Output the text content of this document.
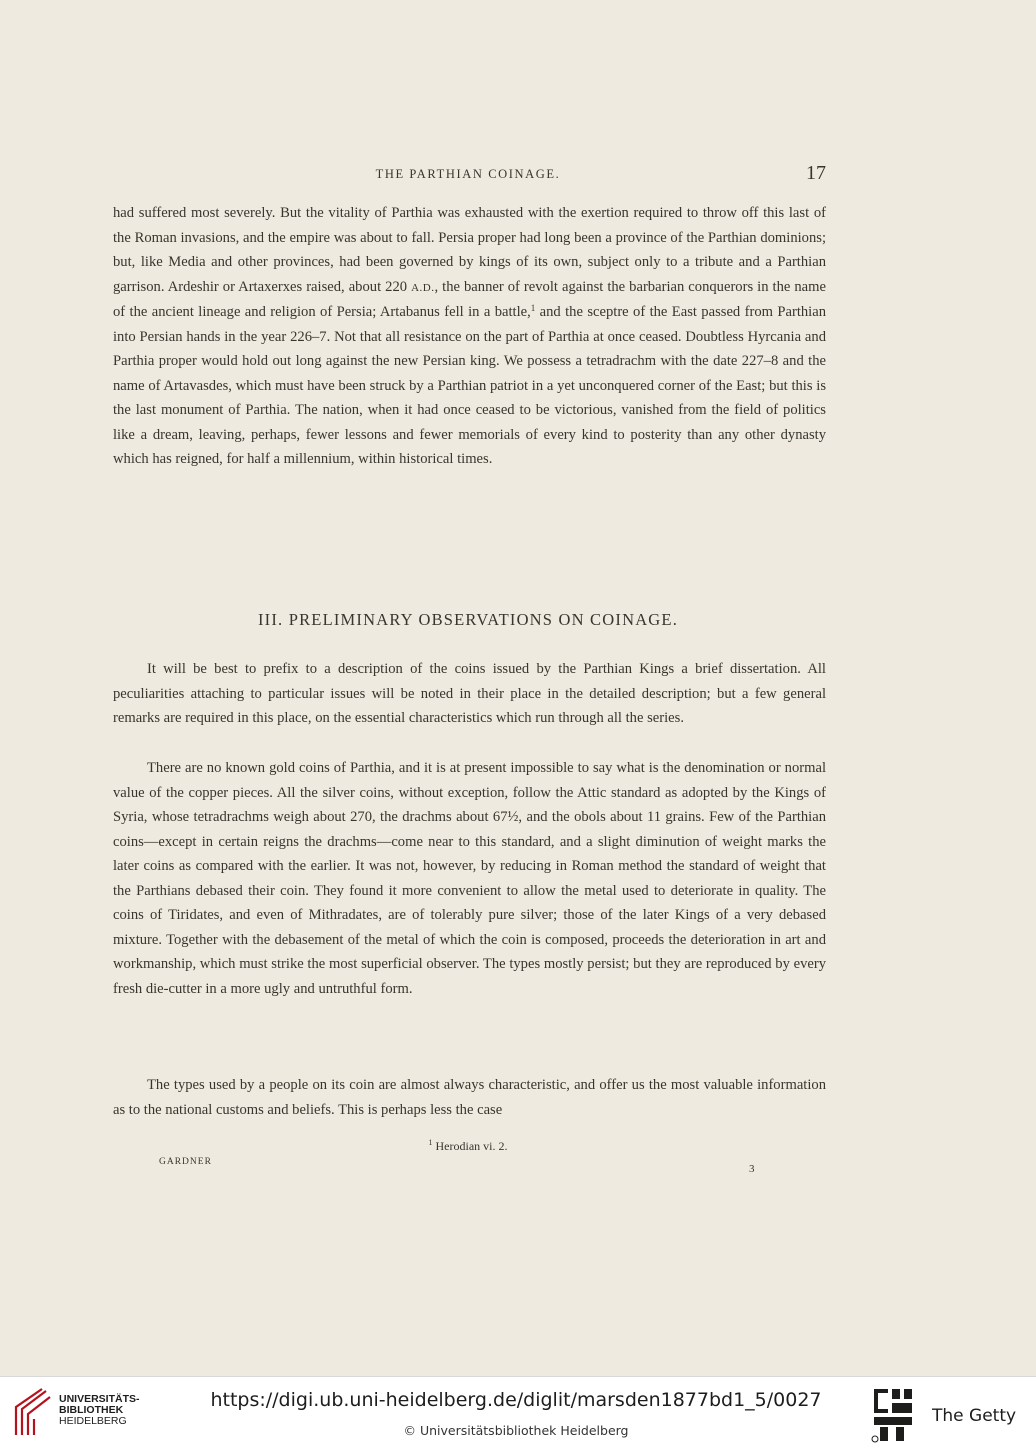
THE PARTHIAN COINAGE.	17

had suffered most severely. But the vitality of Parthia was exhausted with the exertion required to throw off this last of the Roman invasions, and the empire was about to fall. Persia proper had long been a province of the Parthian dominions; but, like Media and other provinces, had been governed by kings of its own, subject only to a tribute and a Parthian garrison. Ardeshir or Artaxerxes raised, about 220 A.D., the banner of revolt against the barbarian conquerors in the name of the ancient lineage and religion of Persia; Artabanus fell in a battle,$^1$ and the sceptre of the East passed from Parthian into Persian hands in the year 226–7. Not that all resistance on the part of Parthia at once ceased. Doubtless Hyrcania and Parthia proper would hold out long against the new Persian king. We possess a tetradrachm with the date 227–8 and the name of Artavasdes, which must have been struck by a Parthian patriot in a yet unconquered corner of the East; but this is the last monument of Parthia. The nation, when it had once ceased to be victorious, vanished from the field of politics like a dream, leaving, perhaps, fewer lessons and fewer memorials of every kind to posterity than any other dynasty which has reigned, for half a millennium, within historical times.

III. PRELIMINARY OBSERVATIONS ON COINAGE.

It will be best to prefix to a description of the coins issued by the Parthian Kings a brief dissertation. All peculiarities attaching to particular issues will be noted in their place in the detailed description; but a few general remarks are required in this place, on the essential characteristics which run through all the series.

There are no known gold coins of Parthia, and it is at present impossible to say what is the denomination or normal value of the copper pieces. All the silver coins, without exception, follow the Attic standard as adopted by the Kings of Syria, whose tetradrachms weigh about 270, the drachms about 67½, and the obols about 11 grains. Few of the Parthian coins—except in certain reigns the drachms—come near to this standard, and a slight diminution of weight marks the later coins as compared with the earlier. It was not, however, by reducing in Roman method the standard of weight that the Parthians debased their coin. They found it more convenient to allow the metal used to deteriorate in quality. The coins of Tiridates, and even of Mithradates, are of tolerably pure silver; those of the later Kings of a very debased mixture. Together with the debasement of the metal of which the coin is composed, proceeds the deterioration in art and workmanship, which must strike the most superficial observer. The types mostly persist; but they are reproduced by every fresh die-cutter in a more ugly and untruthful form.

The types used by a people on its coin are almost always characteristic, and offer us the most valuable information as to the national customs and beliefs. This is perhaps less the case

$^1$ Herodian vi. 2.
GARDNER
3
UNIVERSITÄTS-
BIBLIOTHEK
HEIDELBERG
https://digi.ub.uni-heidelberg.de/diglit/marsden1877bd1_5/0027
© Universitätsbibliothek Heidelberg
The Getty
